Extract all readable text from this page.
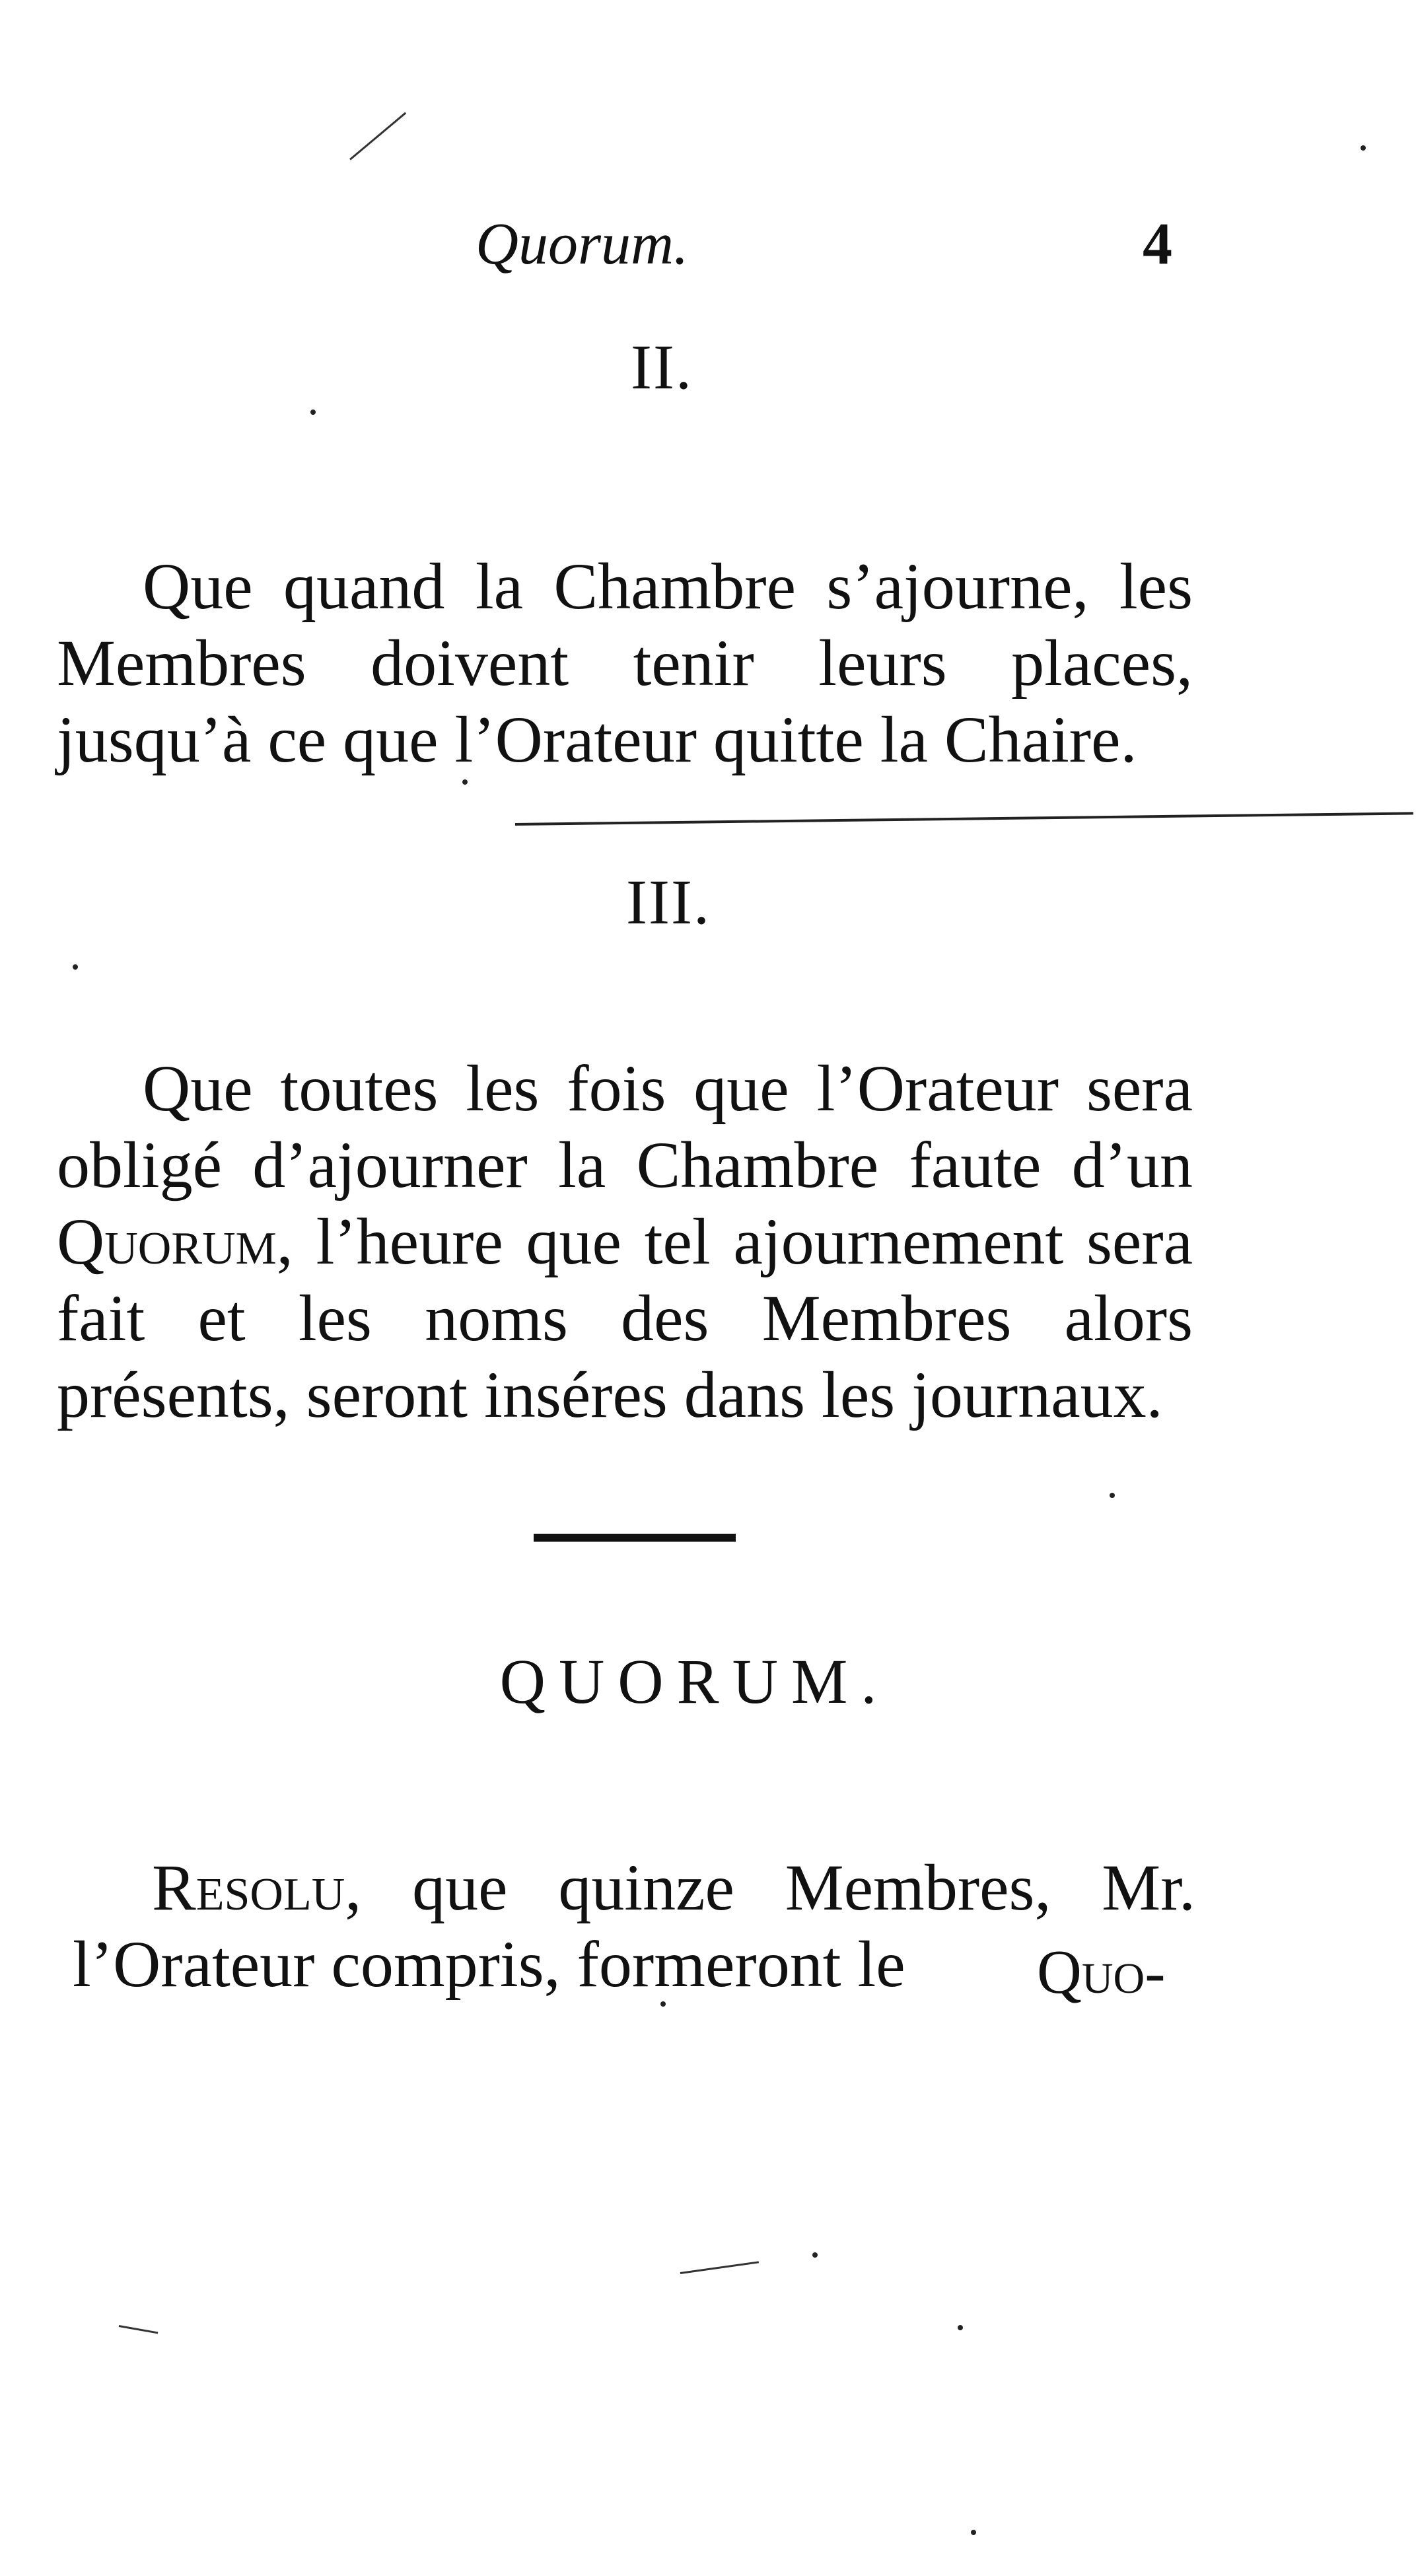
Quorum.	4
II.

Que quand la Chambre s’ajourne, les Membres doivent tenir leurs places, jusqu’à ce que l’Orateur quitte la Chaire.

III.

Que toutes les fois que l’Orateur sera obligé d’ajourner la Chambre faute d’un Quorum, l’heure que tel ajournement sera fait et les noms des Membres alors présents, seront inséres dans les journaux.

QUORUM.

Resolu, que quinze Membres, Mr. l’Orateur compris, formeront le	Quo-
